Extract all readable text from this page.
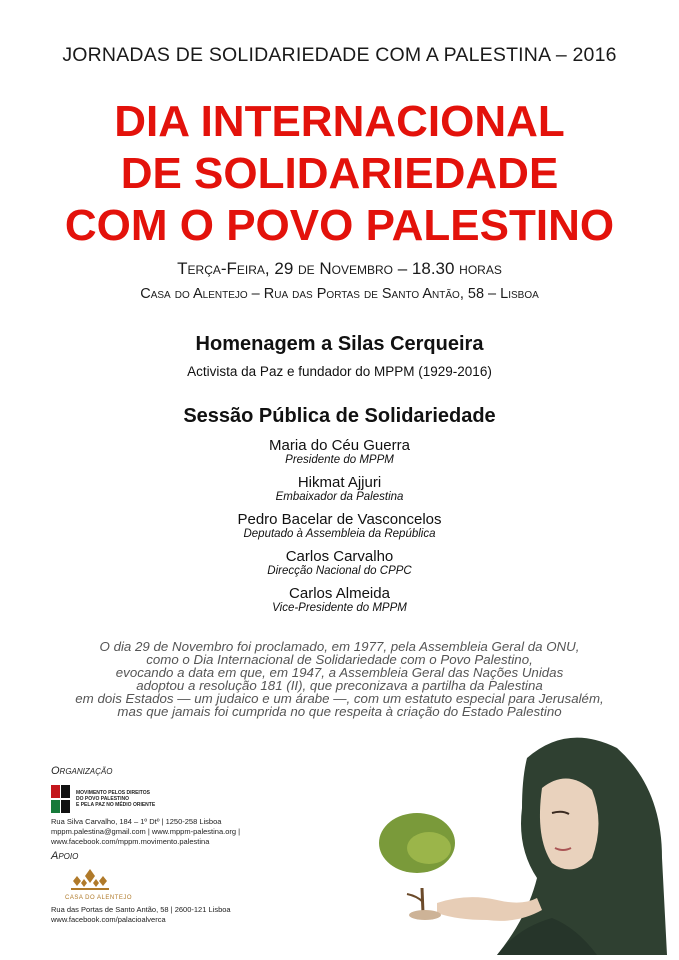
JORNADAS DE SOLIDARIEDADE COM A PALESTINA – 2016
DIA INTERNACIONAL
DE SOLIDARIEDADE
COM O POVO PALESTINO
Terça-Feira, 29 de Novembro – 18.30 horas
Casa do Alentejo – Rua das Portas de Santo Antão, 58 – Lisboa
Homenagem a Silas Cerqueira
Activista da Paz e fundador do MPPM (1929-2016)
Sessão Pública de Solidariedade
Maria do Céu Guerra
Presidente do MPPM
Hikmat Ajjuri
Embaixador da Palestina
Pedro Bacelar de Vasconcelos
Deputado à Assembleia da República
Carlos Carvalho
Direcção Nacional do CPPC
Carlos Almeida
Vice-Presidente do MPPM
O dia 29 de Novembro foi proclamado, em 1977, pela Assembleia Geral da ONU,
como o Dia Internacional de Solidariedade com o Povo Palestino,
evocando a data em que, em 1947, a Assembleia Geral das Nações Unidas
adoptou a resolução 181 (II), que preconizava a partilha da Palestina
em dois Estados — um judaico e um árabe —, com um estatuto especial para Jerusalém,
mas que jamais foi cumprida no que respeita à criação do Estado Palestino

Organização

MOVIMENTO PELOS DIREITOS
DO POVO PALESTINO
E PELA PAZ NO MÉDIO ORIENTE
Rua Silva Carvalho, 184 – 1º Dtº | 1250-258 Lisboa
mppm.palestina@gmail.com | www.mppm-palestina.org |
www.facebook.com/mppm.movimento.palestina

Apoio

CASA DO ALENTEJO
Rua das Portas de Santo Antão, 58 | 2600-121 Lisboa
www.facebook.com/palacioalverca
